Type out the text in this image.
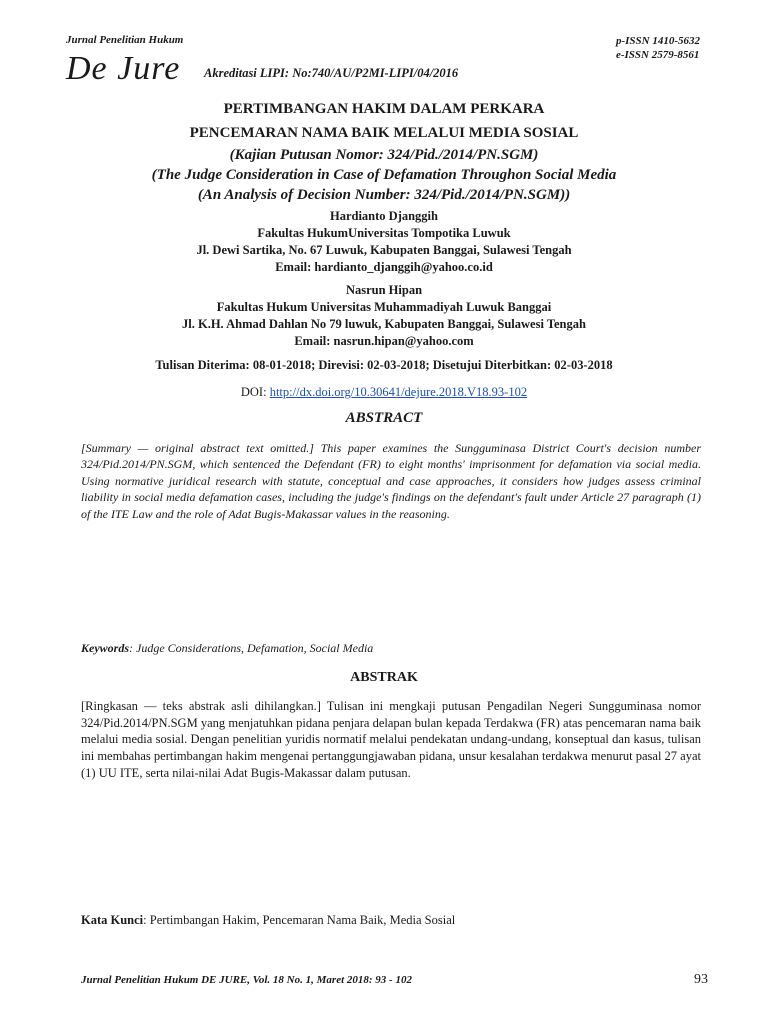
Jurnal Penelitian Hukum
De Jure Akreditasi LIPI: No:740/AU/P2MI-LIPI/04/2016
p-ISSN 1410-5632
e-ISSN 2579-8561
PERTIMBANGAN HAKIM DALAM PERKARA
PENCEMARAN NAMA BAIK MELALUI MEDIA SOSIAL
(Kajian Putusan Nomor: 324/Pid./2014/PN.SGM)
(The Judge Consideration in Case of Defamation Throughon Social Media
(An Analysis of Decision Number: 324/Pid./2014/PN.SGM))
Hardianto Djanggih
Fakultas HukumUniversitas Tompotika Luwuk
Jl. Dewi Sartika, No. 67 Luwuk, Kabupaten Banggai, Sulawesi Tengah
Email: hardianto_djanggih@yahoo.co.id
Nasrun Hipan
Fakultas Hukum Universitas Muhammadiyah Luwuk Banggai
Jl. K.H. Ahmad Dahlan No 79 luwuk, Kabupaten Banggai, Sulawesi Tengah
Email: nasrun.hipan@yahoo.com
Tulisan Diterima: 08-01-2018; Direvisi: 02-03-2018; Disetujui Diterbitkan: 02-03-2018
DOI: http://dx.doi.org/10.30641/dejure.2018.V18.93-102
ABSTRACT
[Summary — original abstract text omitted.] This paper examines the Sungguminasa District Court's decision number 324/Pid.2014/PN.SGM, which sentenced the Defendant (FR) to eight months' imprisonment for defamation via social media. Using normative juridical research with statute, conceptual and case approaches, it considers how judges assess criminal liability in social media defamation cases, including the judge's findings on the defendant's fault under Article 27 paragraph (1) of the ITE Law and the role of Adat Bugis-Makassar values in the reasoning.
Keywords: Judge Considerations, Defamation, Social Media
ABSTRAK
[Ringkasan — teks abstrak asli dihilangkan.] Tulisan ini mengkaji putusan Pengadilan Negeri Sungguminasa nomor 324/Pid.2014/PN.SGM yang menjatuhkan pidana penjara delapan bulan kepada Terdakwa (FR) atas pencemaran nama baik melalui media sosial. Dengan penelitian yuridis normatif melalui pendekatan undang-undang, konseptual dan kasus, tulisan ini membahas pertimbangan hakim mengenai pertanggungjawaban pidana, unsur kesalahan terdakwa menurut pasal 27 ayat (1) UU ITE, serta nilai-nilai Adat Bugis-Makassar dalam putusan.
Kata Kunci: Pertimbangan Hakim, Pencemaran Nama Baik, Media Sosial
Jurnal Penelitian Hukum DE JURE, Vol. 18 No. 1, Maret 2018: 93 - 102	93
